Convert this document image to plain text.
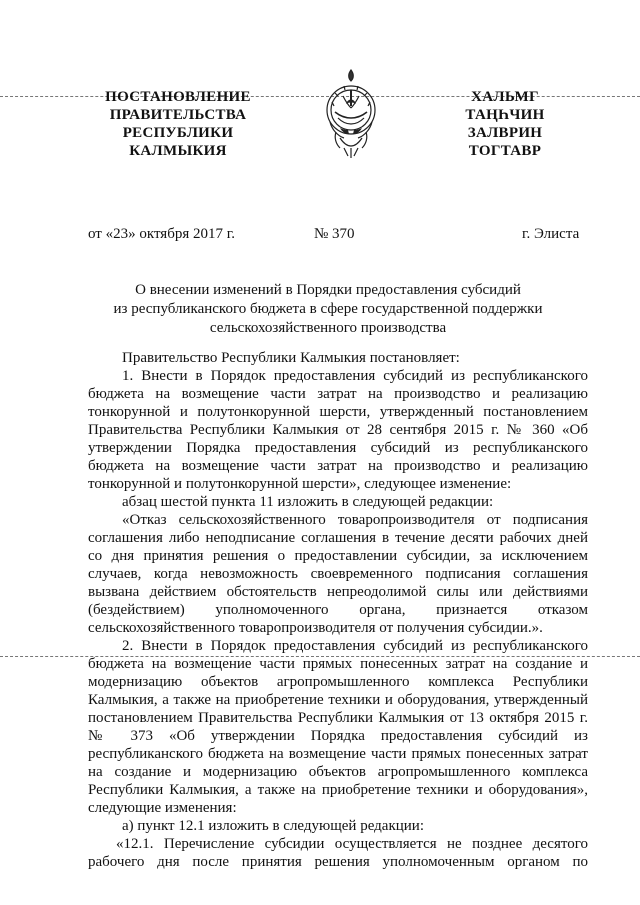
ПОСТАНОВЛЕНИЕ
ПРАВИТЕЛЬСТВА
РЕСПУБЛИКИ
КАЛМЫКИЯ
ХАЛЬМГ
ТАҢҺЧИН
ЗАЛВРИН
ТОГТАВР
от «23» октября 2017 г.	№ 370	г. Элиста
О внесении изменений в Порядки предоставления субсидий
из республиканского бюджета в сфере государственной поддержки
сельскохозяйственного производства
Правительство Республики Калмыкия постановляет:
1. Внести в Порядок предоставления субсидий из республиканского
бюджета на возмещение части затрат на производство и реализацию
тонкорунной и полутонкорунной шерсти, утвержденный постановлением
Правительства Республики Калмыкия от 28 сентября 2015 г. № 360 «Об
утверждении Порядка предоставления субсидий из республиканского
бюджета на возмещение части затрат на производство и реализацию
тонкорунной и полутонкорунной шерсти», следующее изменение:
абзац шестой пункта 11 изложить в следующей редакции:
«Отказ сельскохозяйственного товаропроизводителя от подписания
соглашения либо неподписание соглашения в течение десяти рабочих дней
со дня принятия решения о предоставлении субсидии, за исключением
случаев, когда невозможность своевременного подписания соглашения
вызвана действием обстоятельств непреодолимой силы или действиями
(бездействием) уполномоченного органа, признается отказом
сельскохозяйственного товаропроизводителя от получения субсидии.».
2. Внести в Порядок предоставления субсидий из республиканского
бюджета на возмещение части прямых понесенных затрат на создание и
модернизацию объектов агропромышленного комплекса Республики
Калмыкия, а также на приобретение техники и оборудования, утвержденный
постановлением Правительства Республики Калмыкия от 13 октября 2015 г.
№ 373 «Об утверждении Порядка предоставления субсидий из
республиканского бюджета на возмещение части прямых понесенных затрат
на создание и модернизацию объектов агропромышленного комплекса
Республики Калмыкия, а также на приобретение техники и оборудования»,
следующие изменения:
а) пункт 12.1 изложить в следующей редакции:
«12.1. Перечисление субсидии осуществляется не позднее десятого
рабочего дня после принятия решения уполномоченным органом по
